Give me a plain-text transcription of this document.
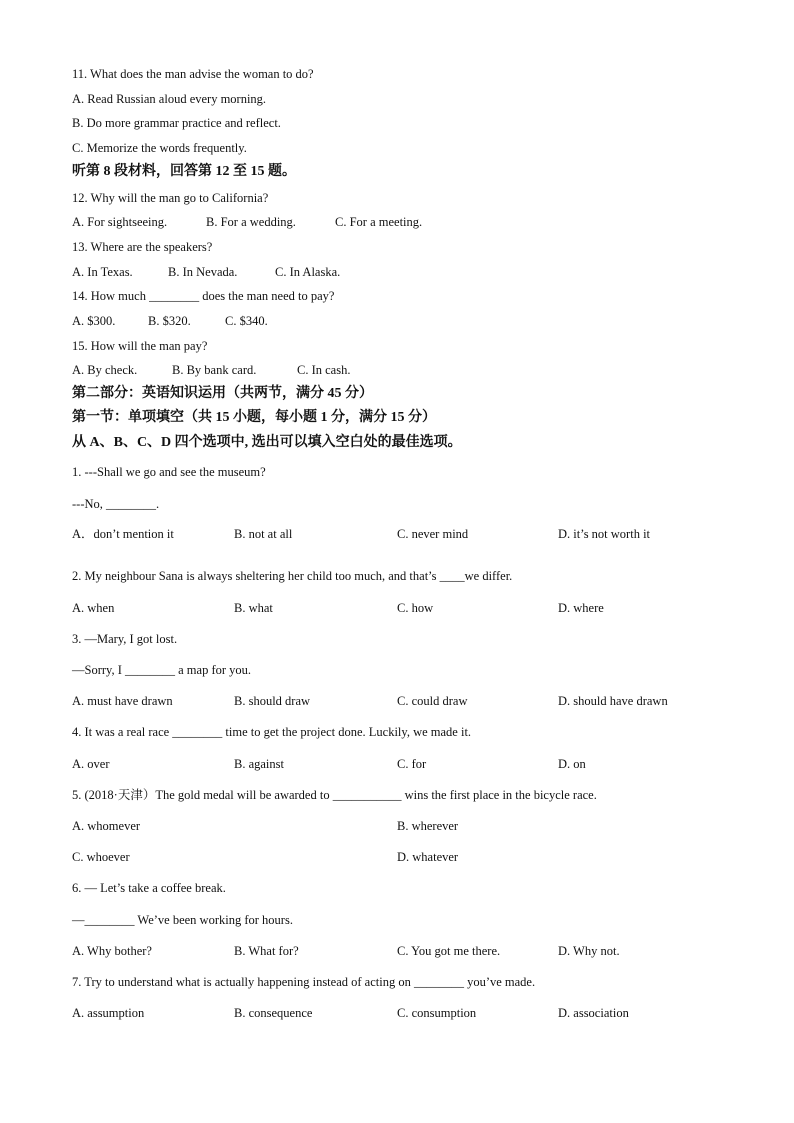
11. What does the man advise the woman to do?
A. Read Russian aloud every morning.
B. Do more grammar practice and reflect.
C. Memorize the words frequently.
听第 8 段材料，回答第 12 至 15 题。
12. Why will the man go to California?
A. For sightseeing.	B. For a wedding.	C. For a meeting.
13. Where are the speakers?
A. In Texas.	B. In Nevada.	C. In Alaska.
14. How much ________ does the man need to pay?
A. $300.	B. $320.	C. $340.
15. How will the man pay?
A. By check.	B. By bank card.	C. In cash.
第二部分：英语知识运用（共两节，满分 45 分）
第一节：单项填空（共 15 小题，每小题 1 分，满分 15 分）
从 A、B、C、D 四个选项中, 选出可以填入空白处的最佳选项。
1. ---Shall we go and see the museum?
---No, ________.
A．don’t mention it	B. not at all	C. never mind	D. it’s not worth it
2. My neighbour Sana is always sheltering her child too much, and that’s ____we differ.
A. when	B. what	C. how	D. where
3. —Mary, I got lost.
—Sorry, I ________ a map for you.
A. must have drawn	B. should draw	C. could draw	D. should have drawn
4. It was a real race ________ time to get the project done. Luckily, we made it.
A. over	B. against	C. for	D. on
5. (2018·天津）The gold medal will be awarded to ___________ wins the first place in the bicycle race.
A. whomever	B. wherever
C. whoever	D. whatever
6. — Let’s take a coffee break.
—________ We’ve been working for hours.
A. Why bother?	B. What for?	C. You got me there.	D. Why not.
7. Try to understand what is actually happening instead of acting on ________ you’ve made.
A. assumption	B. consequence	C. consumption	D. association
